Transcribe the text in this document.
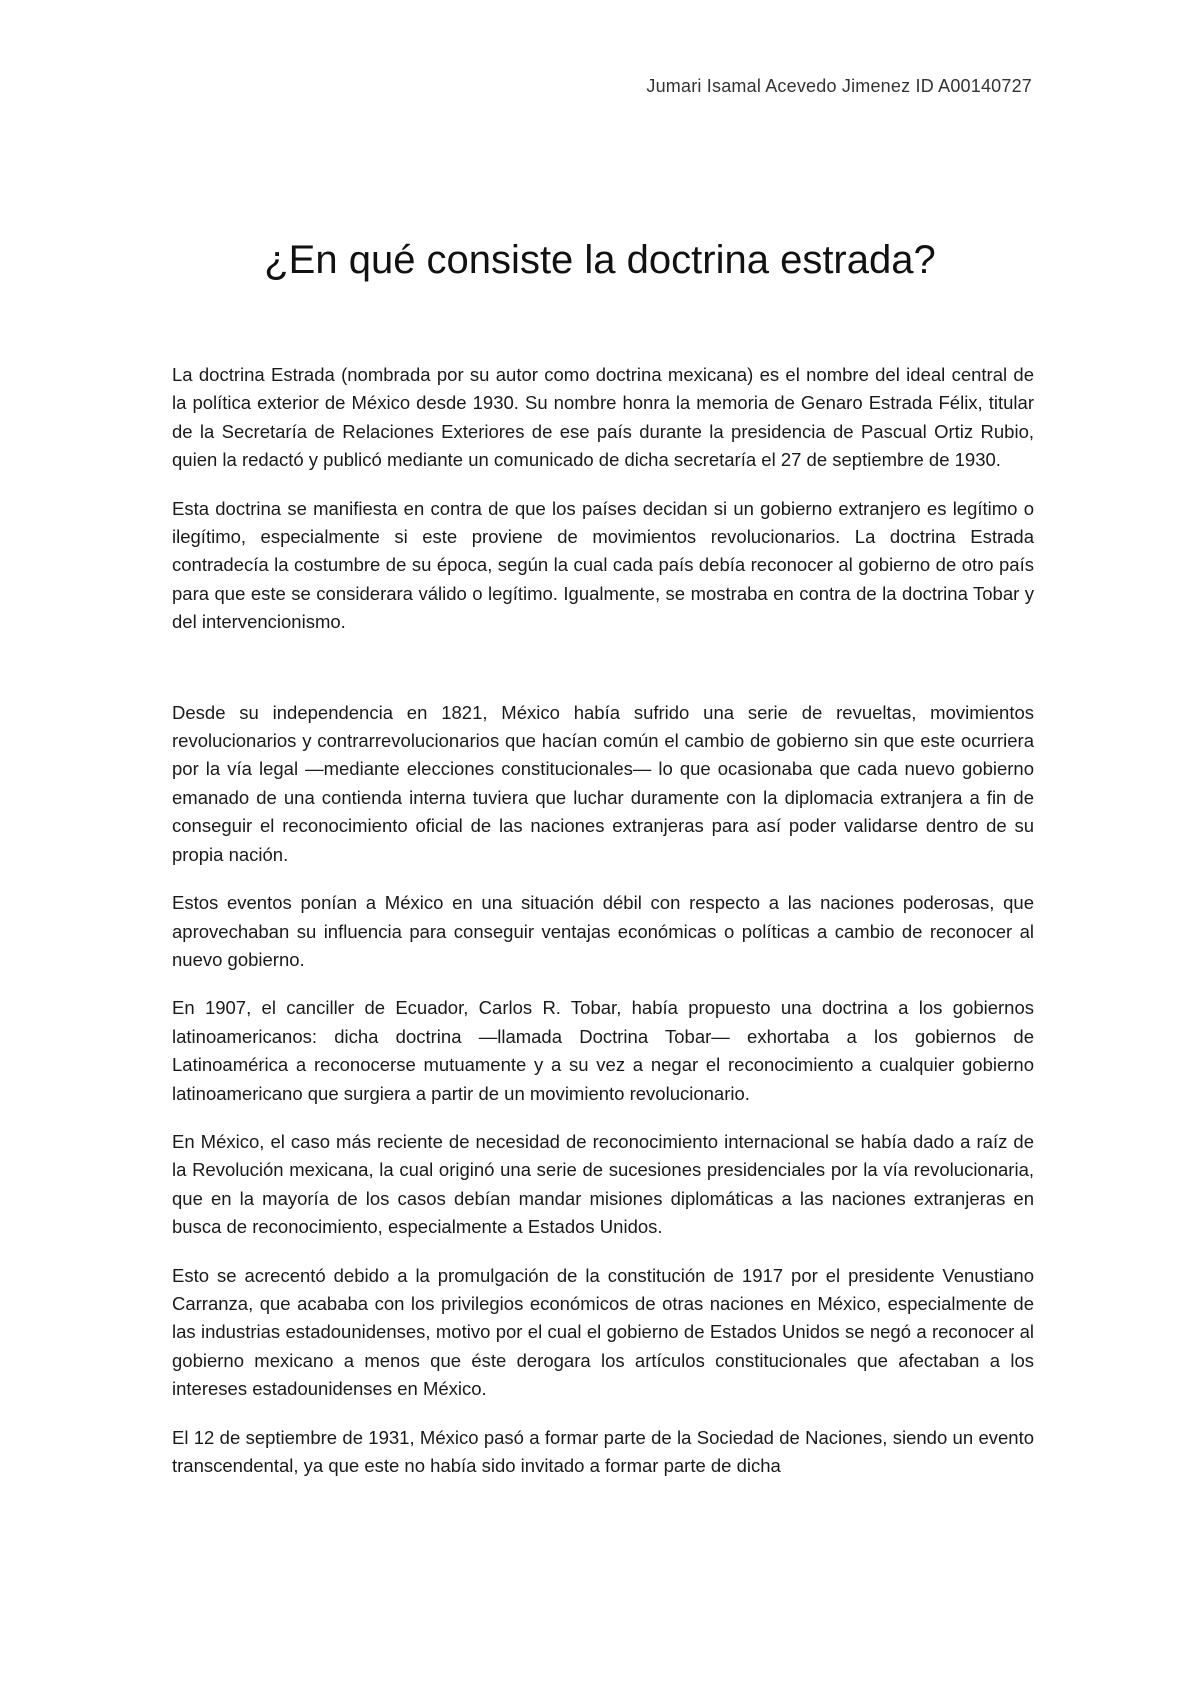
Jumari Isamal Acevedo Jimenez ID A00140727
¿En qué consiste la doctrina estrada?

La doctrina Estrada (nombrada por su autor como doctrina mexicana) es el nombre del ideal central de la política exterior de México desde 1930. Su nombre honra la memoria de Genaro Estrada Félix, titular de la Secretaría de Relaciones Exteriores de ese país durante la presidencia de Pascual Ortiz Rubio, quien la redactó y publicó mediante un comunicado de dicha secretaría el 27 de septiembre de 1930.

Esta doctrina se manifiesta en contra de que los países decidan si un gobierno extranjero es legítimo o ilegítimo, especialmente si este proviene de movimientos revolucionarios. La doctrina Estrada contradecía la costumbre de su época, según la cual cada país debía reconocer al gobierno de otro país para que este se considerara válido o legítimo. Igualmente, se mostraba en contra de la doctrina Tobar y del intervencionismo.

Desde su independencia en 1821, México había sufrido una serie de revueltas, movimientos revolucionarios y contrarrevolucionarios que hacían común el cambio de gobierno sin que este ocurriera por la vía legal —mediante elecciones constitucionales— lo que ocasionaba que cada nuevo gobierno emanado de una contienda interna tuviera que luchar duramente con la diplomacia extranjera a fin de conseguir el reconocimiento oficial de las naciones extranjeras para así poder validarse dentro de su propia nación.

Estos eventos ponían a México en una situación débil con respecto a las naciones poderosas, que aprovechaban su influencia para conseguir ventajas económicas o políticas a cambio de reconocer al nuevo gobierno.

En 1907, el canciller de Ecuador, Carlos R. Tobar, había propuesto una doctrina a los gobiernos latinoamericanos: dicha doctrina —llamada Doctrina Tobar— exhortaba a los gobiernos de Latinoamérica a reconocerse mutuamente y a su vez a negar el reconocimiento a cualquier gobierno latinoamericano que surgiera a partir de un movimiento revolucionario.

En México, el caso más reciente de necesidad de reconocimiento internacional se había dado a raíz de la Revolución mexicana, la cual originó una serie de sucesiones presidenciales por la vía revolucionaria, que en la mayoría de los casos debían mandar misiones diplomáticas a las naciones extranjeras en busca de reconocimiento, especialmente a Estados Unidos.

Esto se acrecentó debido a la promulgación de la constitución de 1917 por el presidente Venustiano Carranza, que acababa con los privilegios económicos de otras naciones en México, especialmente de las industrias estadounidenses, motivo por el cual el gobierno de Estados Unidos se negó a reconocer al gobierno mexicano a menos que éste derogara los artículos constitucionales que afectaban a los intereses estadounidenses en México.

El 12 de septiembre de 1931, México pasó a formar parte de la Sociedad de Naciones, siendo un evento transcendental, ya que este no había sido invitado a formar parte de dicha
